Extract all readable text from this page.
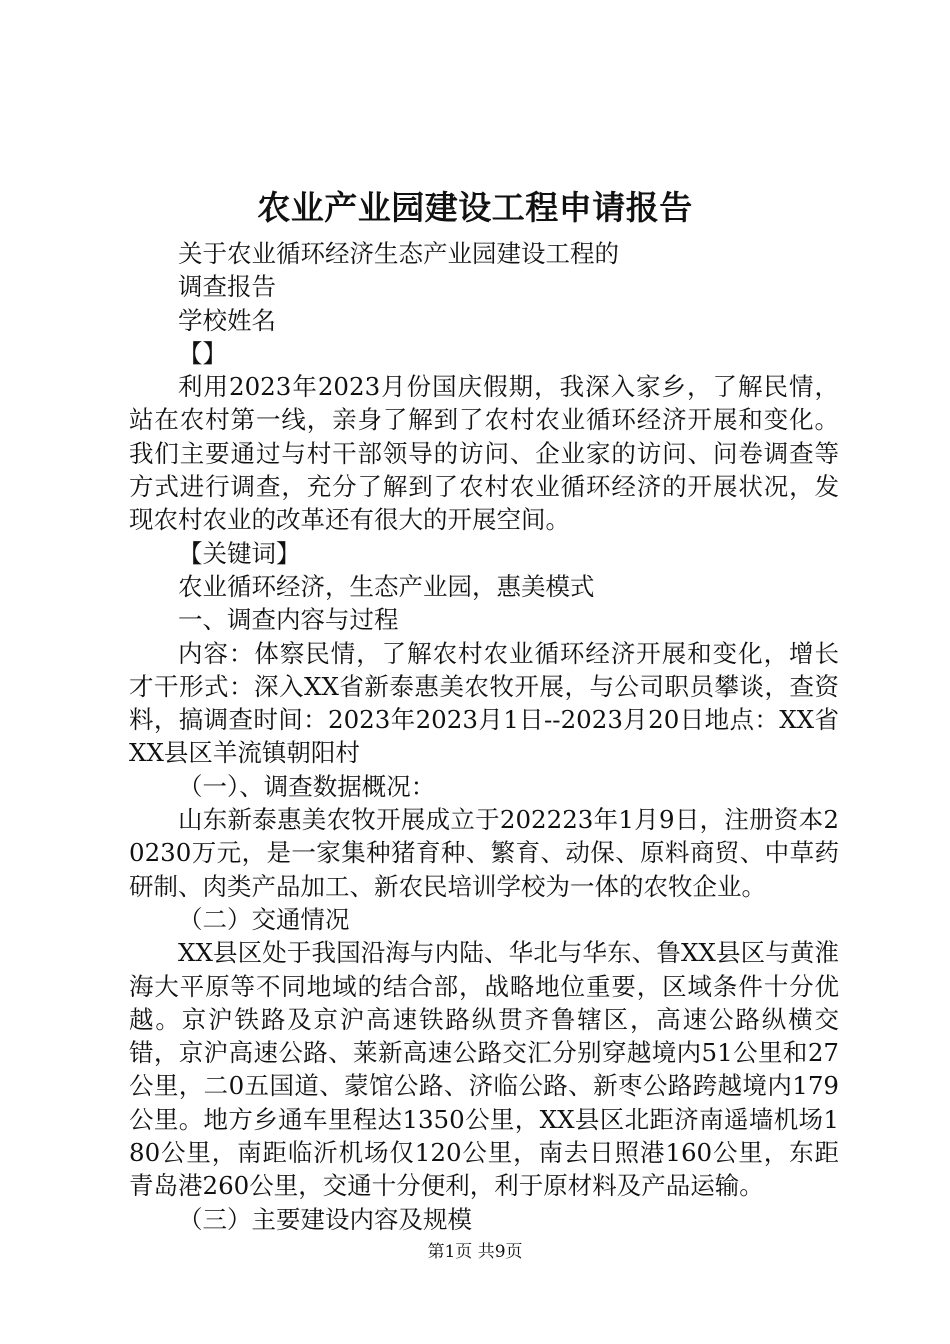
农业产业园建设工程申请报告

关于农业循环经济生态产业园建设工程的

调查报告

学校姓名

【】

利用2023年2023月份国庆假期，我深入家乡，了解民情，站在农村第一线，亲身了解到了农村农业循环经济开展和变化。我们主要通过与村干部领导的访问、企业家的访问、问卷调查等方式进行调查，充分了解到了农村农业循环经济的开展状况，发现农村农业的改革还有很大的开展空间。

【关键词】

农业循环经济，生态产业园，惠美模式

一、调查内容与过程

内容：体察民情，了解农村农业循环经济开展和变化，增长才干形式：深入XX省新泰惠美农牧开展，与公司职员攀谈，查资料，搞调查时间：2023年2023月1日--2023月20日地点：XX省XX县区羊流镇朝阳村

（一）、调查数据概况：

山东新泰惠美农牧开展成立于202223年1月9日，注册资本20230万元，是一家集种猪育种、繁育、动保、原料商贸、中草药研制、肉类产品加工、新农民培训学校为一体的农牧企业。

（二）交通情况

XX县区处于我国沿海与内陆、华北与华东、鲁XX县区与黄淮海大平原等不同地域的结合部，战略地位重要，区域条件十分优越。京沪铁路及京沪高速铁路纵贯齐鲁辖区，高速公路纵横交错，京沪高速公路、莱新高速公路交汇分别穿越境内51公里和27公里，二0五国道、蒙馆公路、济临公路、新枣公路跨越境内179公里。地方乡通车里程达1350公里，XX县区北距济南遥墙机场180公里，南距临沂机场仅120公里，南去日照港160公里，东距青岛港260公里，交通十分便利，利于原材料及产品运输。

（三）主要建设内容及规模

第1页 共9页
